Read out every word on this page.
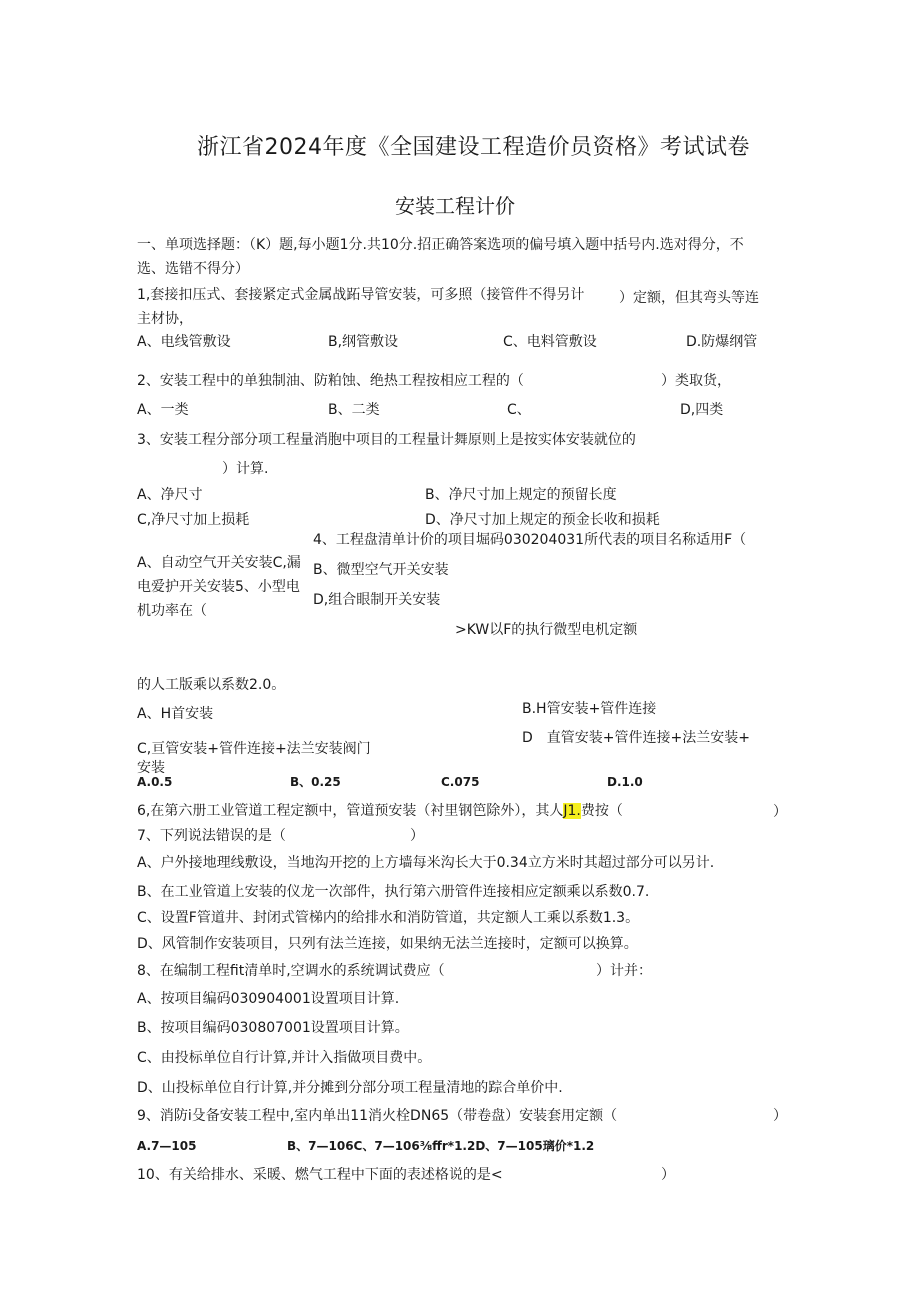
浙江省2024年度《全国建设工程造价员资格》考试试卷
安装工程计价
一、单项选择题：（K）题,每小题1分.共10分.招正确答案选项的偏号填入题中括号内.选对得分，不
选、选错不得分）
1,套接扣压式、套接紧定式金属战跖导管安装，可多照（接管件不得另计 ）定额，但其弯头等连
主材协，
A、电线管敷设	B,纲管敷设	C、电料管敷设	D.防爆纲管
2、安装工程中的单独制油、防粕蚀、绝热工程按相应工程的（	）类取货，
A、一类	B、二类	C、	D,四类
3、安装工程分部分项工程量消胞中项目的工程量计舞原则上是按实体安装就位的
）计算.
A、净尺寸	B、净尺寸加上规定的预留长度
C,净尺寸加上损耗	D、净尺寸加上规定的预金长收和损耗
4、工程盘清单计价的项目堀码030204031所代表的项目名称适用F（
A、自动空气开关安装C,漏
电爱护开关安装5、小型电
机功率在（
B、微型空气开关安装
D,组合眼制开关安装
>KW以F的执行微型电机定额
的人工版乘以系数2.0。
A、H首安装	B.H管安装+管件连接
D　直管安装+管件连接+法兰安装+
C,亘管安装+管件连接+法兰安装阀门
安装
A.0.5	B、0.25	C.075	D.1.0
6,在第六册工业管道工程定额中，管道预安装（衬里钢笆除外），其人J1.费按（	）
7、下列说法错误的是（	）
A、户外接地理线敷设，当地沟开挖的上方墙每米沟长大于0.34立方米时其超过部分可以另计.
B、在工业管道上安装的仪龙一次部件，执行第六册管件连接相应定额乘以系数0.7.
C、设置F管道井、封闭式管梯内的给排水和消防管道，共定额人工乘以系数1.3。
D、风管制作安装项目，只列有法兰连接，如果纳无法兰连接时，定额可以换算。
8、在编制工程fit清单时,空调水的系统调试费应（	）计并：
A、按项目编码030904001设置项目计算.
B、按项目编码030807001设置项目计算。
C、由投标单位自行计算,并计入指做项目费中。
D、山投标单位自行计算,并分摊到分部分项工程量清地的踪合单价中.
9、消防i殳备安装工程中,室内单出11消火栓DN65（带卷盘）安装套用定额（	）
A.7—105	B、7—106C、7—106⅜ffr*1.2D、7—105璃价*1.2
10、有关给排水、采暖、燃气工程中下面的表述格说的是<	）
